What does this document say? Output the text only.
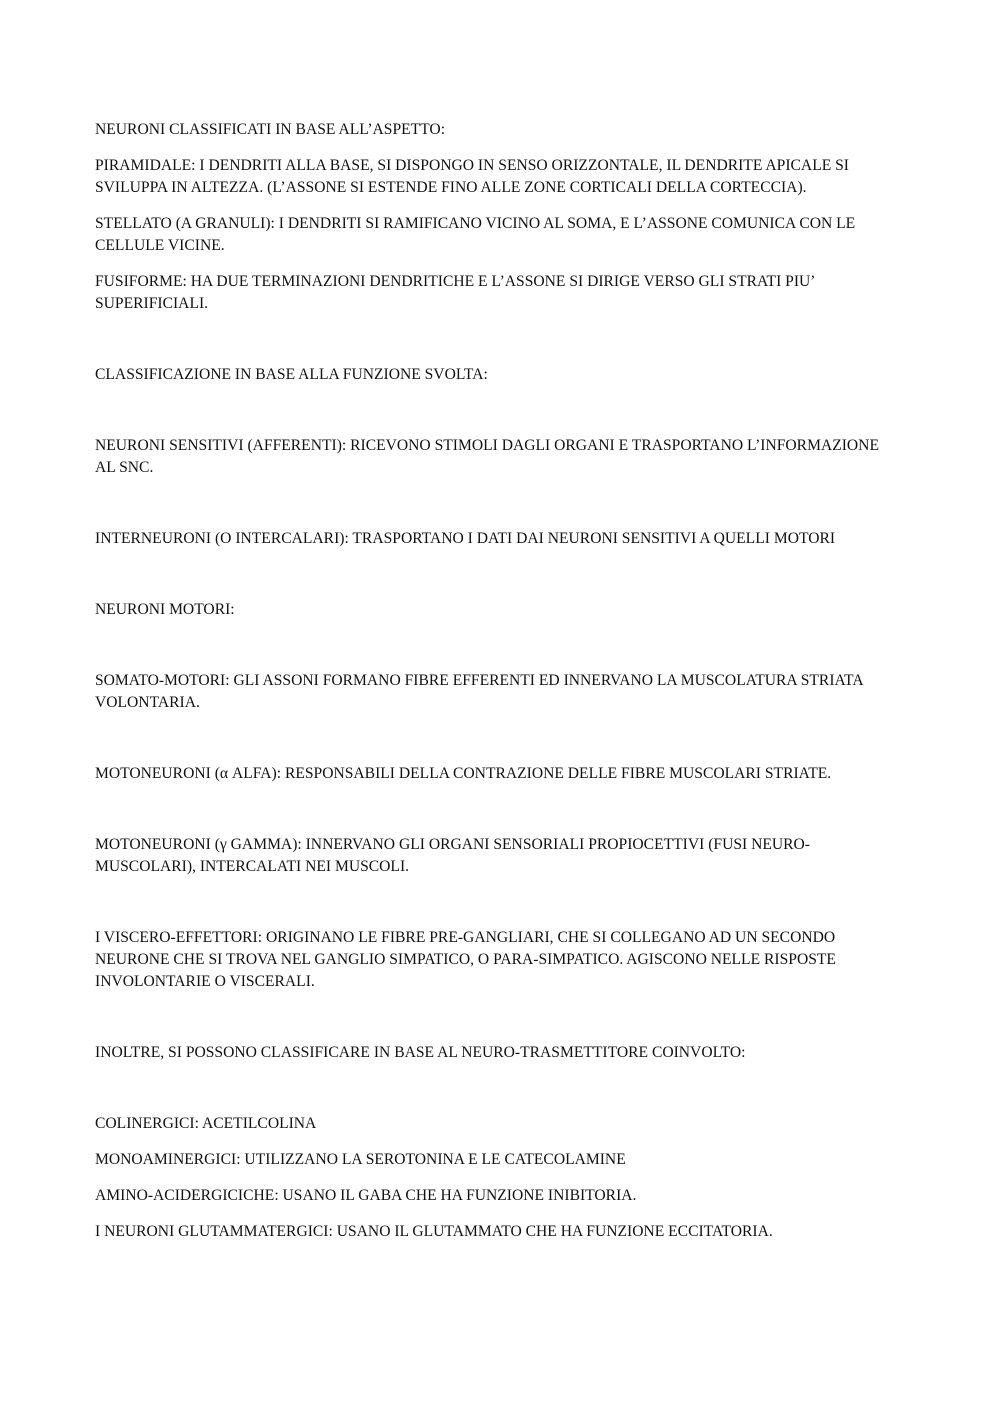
NEURONI CLASSIFICATI IN BASE ALL’ASPETTO:

PIRAMIDALE: I DENDRITI ALLA BASE, SI DISPONGO IN SENSO ORIZZONTALE, IL DENDRITE APICALE SI SVILUPPA IN ALTEZZA. (L’ASSONE SI ESTENDE FINO ALLE ZONE CORTICALI DELLA CORTECCIA).

STELLATO (A GRANULI): I DENDRITI SI RAMIFICANO VICINO AL SOMA, E L’ASSONE COMUNICA CON LE CELLULE VICINE.

FUSIFORME: HA DUE TERMINAZIONI DENDRITICHE E L’ASSONE SI DIRIGE VERSO GLI STRATI PIU’ SUPERIFICIALI.

CLASSIFICAZIONE IN BASE ALLA FUNZIONE SVOLTA:

NEURONI SENSITIVI (AFFERENTI): RICEVONO STIMOLI DAGLI ORGANI E TRASPORTANO L’INFORMAZIONE AL SNC.

INTERNEURONI (O INTERCALARI): TRASPORTANO I DATI DAI NEURONI SENSITIVI A QUELLI MOTORI

NEURONI MOTORI:

SOMATO-MOTORI: GLI ASSONI FORMANO FIBRE EFFERENTI ED INNERVANO LA MUSCOLATURA STRIATA VOLONTARIA.

MOTONEURONI (α ALFA): RESPONSABILI DELLA CONTRAZIONE DELLE FIBRE MUSCOLARI STRIATE.

MOTONEURONI (γ GAMMA): INNERVANO GLI ORGANI SENSORIALI PROPIOCETTIVI (FUSI NEURO-MUSCOLARI), INTERCALATI NEI MUSCOLI.

I VISCERO-EFFETTORI: ORIGINANO LE FIBRE PRE-GANGLIARI, CHE SI COLLEGANO AD UN SECONDO NEURONE CHE SI TROVA NEL GANGLIO SIMPATICO, O PARA-SIMPATICO. AGISCONO NELLE RISPOSTE INVOLONTARIE O VISCERALI.

INOLTRE, SI POSSONO CLASSIFICARE IN BASE AL NEURO-TRASMETTITORE COINVOLTO:

COLINERGICI: ACETILCOLINA

MONOAMINERGICI: UTILIZZANO LA SEROTONINA E LE CATECOLAMINE

AMINO-ACIDERGICICHE: USANO IL GABA CHE HA FUNZIONE INIBITORIA.

I NEURONI GLUTAMMATERGICI: USANO IL GLUTAMMATO CHE HA FUNZIONE ECCITATORIA.
